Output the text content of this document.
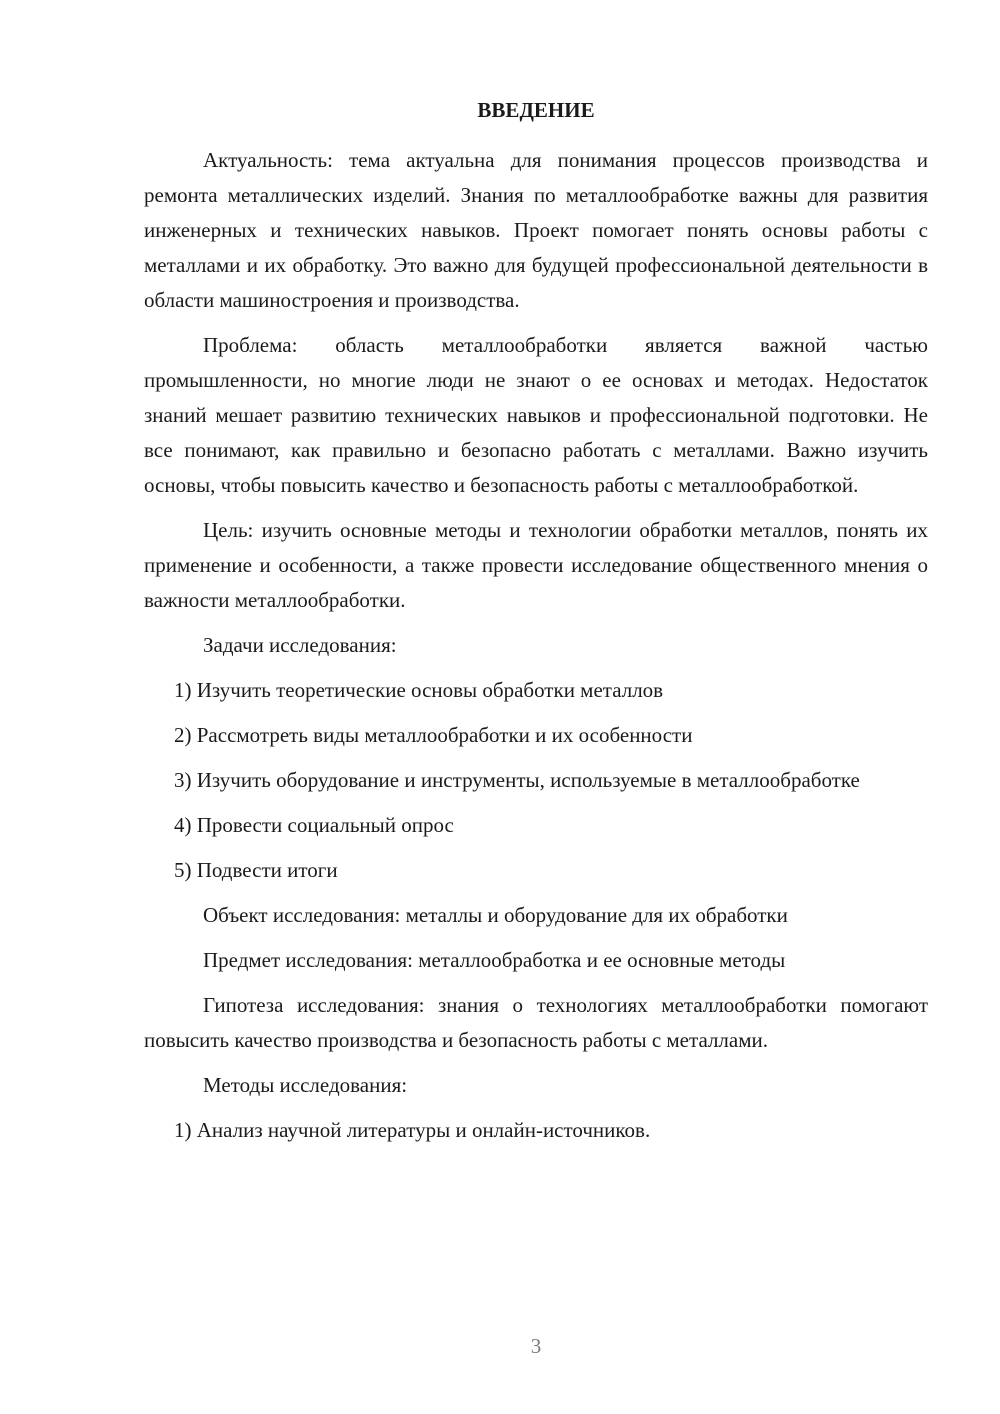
ВВЕДЕНИЕ

Актуальность: тема актуальна для понимания процессов производства и ремонта металлических изделий. Знания по металлообработке важны для развития инженерных и технических навыков. Проект помогает понять основы работы с металлами и их обработку. Это важно для будущей профессиональной деятельности в области машиностроения и производства.

Проблема: область металлообработки является важной частью промышленности, но многие люди не знают о ее основах и методах. Недостаток знаний мешает развитию технических навыков и профессиональной подготовки. Не все понимают, как правильно и безопасно работать с металлами. Важно изучить основы, чтобы повысить качество и безопасность работы с металлообработкой.

Цель: изучить основные методы и технологии обработки металлов, понять их применение и особенности, а также провести исследование общественного мнения о важности металлообработки.

Задачи исследования:

1) Изучить теоретические основы обработки металлов

2) Рассмотреть виды металлообработки и их особенности

3) Изучить оборудование и инструменты, используемые в металлообработке

4) Провести социальный опрос

5) Подвести итоги

Объект исследования: металлы и оборудование для их обработки

Предмет исследования: металлообработка и ее основные методы

Гипотеза исследования: знания о технологиях металлообработки помогают повысить качество производства и безопасность работы с металлами.

Методы исследования:

1) Анализ научной литературы и онлайн-источников.

3
